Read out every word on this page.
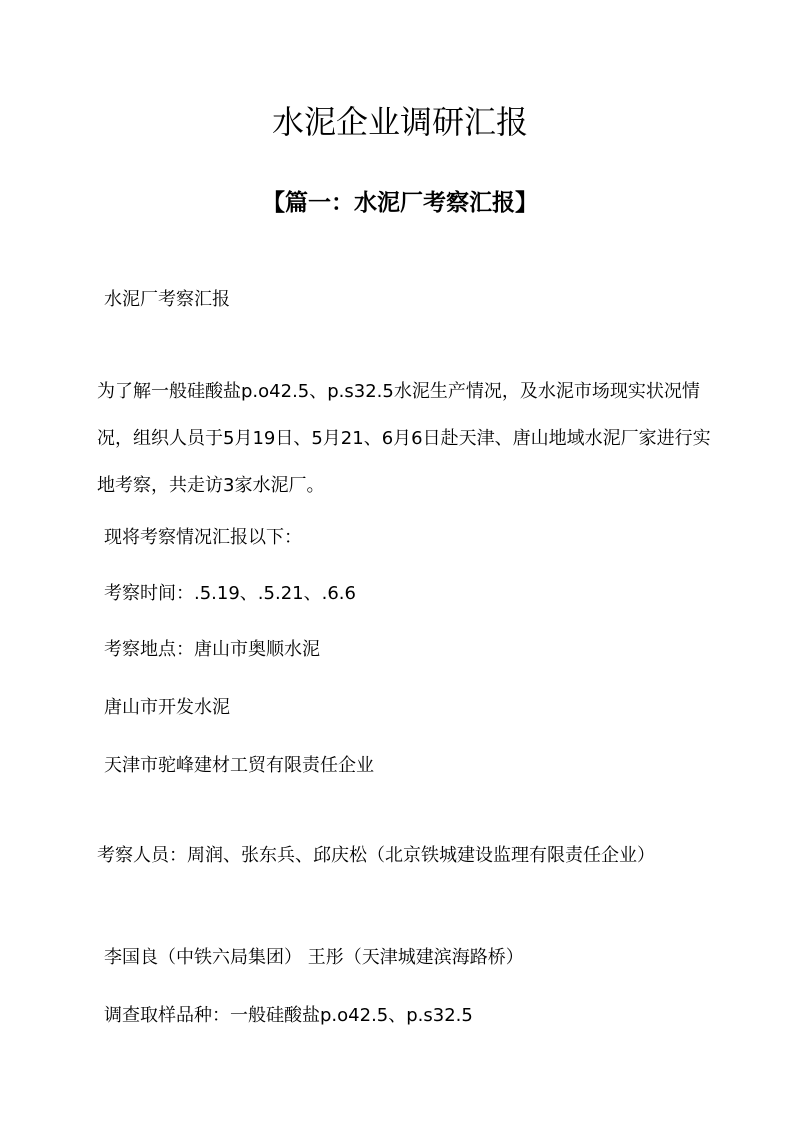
水泥企业调研汇报
【篇一：水泥厂考察汇报】

水泥厂考察汇报

为了解一般硅酸盐p.o42.5、p.s32.5水泥生产情况，及水泥市场现实状况情况，组织人员于5月19日、5月21、6月6日赴天津、唐山地域水泥厂家进行实地考察，共走访3家水泥厂。

现将考察情况汇报以下：

考察时间：.5.19、.5.21、.6.6

考察地点：唐山市奥顺水泥

唐山市开发水泥

天津市驼峰建材工贸有限责任企业

考察人员：周润、张东兵、邱庆松（北京铁城建设监理有限责任企业）

李国良（中铁六局集团） 王彤（天津城建滨海路桥）

调查取样品种：一般硅酸盐p.o42.5、p.s32.5
